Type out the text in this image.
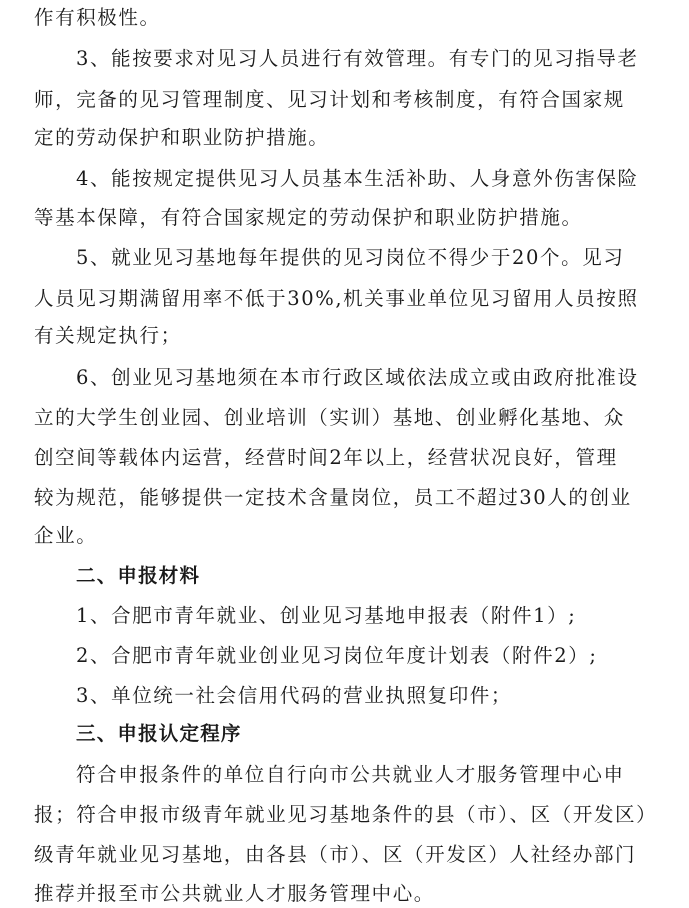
作有积极性。
3、能按要求对见习人员进行有效管理。有专门的见习指导老
师，完备的见习管理制度、见习计划和考核制度，有符合国家规
定的劳动保护和职业防护措施。
4、能按规定提供见习人员基本生活补助、人身意外伤害保险
等基本保障，有符合国家规定的劳动保护和职业防护措施。
5、就业见习基地每年提供的见习岗位不得少于20个。见习
人员见习期满留用率不低于30%,机关事业单位见习留用人员按照
有关规定执行；
6、创业见习基地须在本市行政区域依法成立或由政府批准设
立的大学生创业园、创业培训（实训）基地、创业孵化基地、众
创空间等载体内运营，经营时间2年以上，经营状况良好，管理
较为规范，能够提供一定技术含量岗位，员工不超过30人的创业
企业。
二、申报材料
1、合肥市青年就业、创业见习基地申报表（附件1）;
2、合肥市青年就业创业见习岗位年度计划表（附件2）;
3、单位统一社会信用代码的营业执照复印件；
三、申报认定程序
符合申报条件的单位自行向市公共就业人才服务管理中心申
报；符合申报市级青年就业见习基地条件的县（市）、区（开发区）
级青年就业见习基地，由各县（市）、区（开发区）人社经办部门
推荐并报至市公共就业人才服务管理中心。
